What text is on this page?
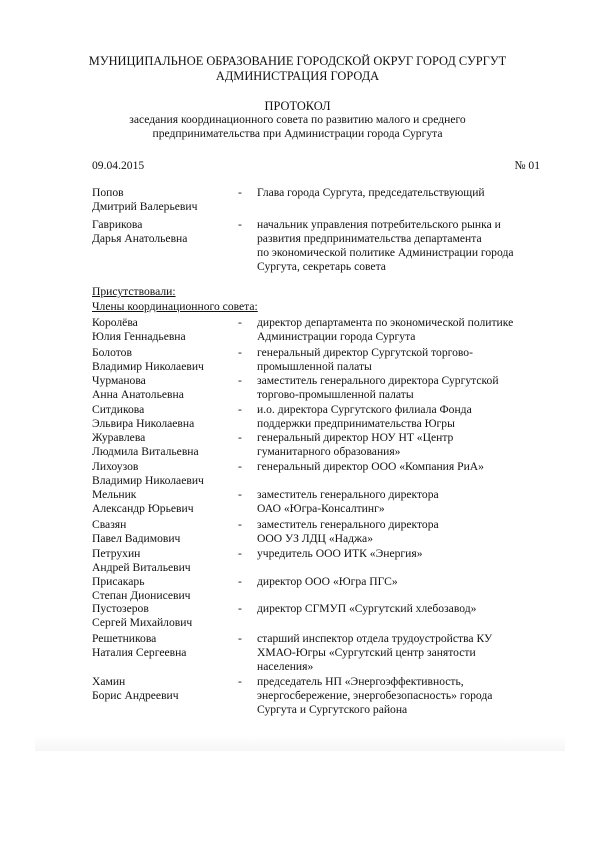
МУНИЦИПАЛЬНОЕ ОБРАЗОВАНИЕ ГОРОДСКОЙ ОКРУГ ГОРОД СУРГУТ
АДМИНИСТРАЦИЯ ГОРОДА
ПРОТОКОЛ
заседания координационного совета по развитию малого и среднего
предпринимательства при Администрации города Сургута
09.04.2015	№ 01
Попов
Дмитрий Валерьевич
- Глава города Сургута, председательствующий
Гаврикова
Дарья Анатольевна
- начальник управления потребительского рынка и
развития предпринимательства департамента
по экономической политике Администрации города
Сургута, секретарь совета
Присутствовали:
Члены координационного совета:
Королёва
Юлия Геннадьевна
- директор департамента по экономической политике
Администрации города Сургута
Болотов
Владимир Николаевич
- генеральный директор Сургутской торгово-
промышленной палаты
Чурманова
Анна Анатольевна
- заместитель генерального директора Сургутской
торгово-промышленной палаты
Ситдикова
Эльвира Николаевна
- и.о. директора Сургутского филиала Фонда
поддержки предпринимательства Югры
Журавлева
Людмила Витальевна
- генеральный директор НОУ НТ «Центр
гуманитарного образования»
Лихоузов
Владимир Николаевич
- генеральный директор ООО «Компания РиА»
Мельник
Александр Юрьевич
- заместитель генерального директора
ОАО «Югра-Консалтинг»
Свазян
Павел Вадимович
- заместитель генерального директора
ООО УЗ ЛДЦ «Наджа»
Петрухин
Андрей Витальевич
- учредитель ООО ИТК «Энергия»
Присакарь
Степан Дионисевич
- директор ООО «Югра ПГС»
Пустозеров
Сергей Михайлович
- директор СГМУП «Сургутский хлебозавод»
Решетникова
Наталия Сергеевна
- старший инспектор отдела трудоустройства КУ
ХМАО-Югры «Сургутский центр занятости
населения»
Хамин
Борис Андреевич
- председатель НП «Энергоэффективность,
энергосбережение, энергобезопасность» города
Сургута и Сургутского района
